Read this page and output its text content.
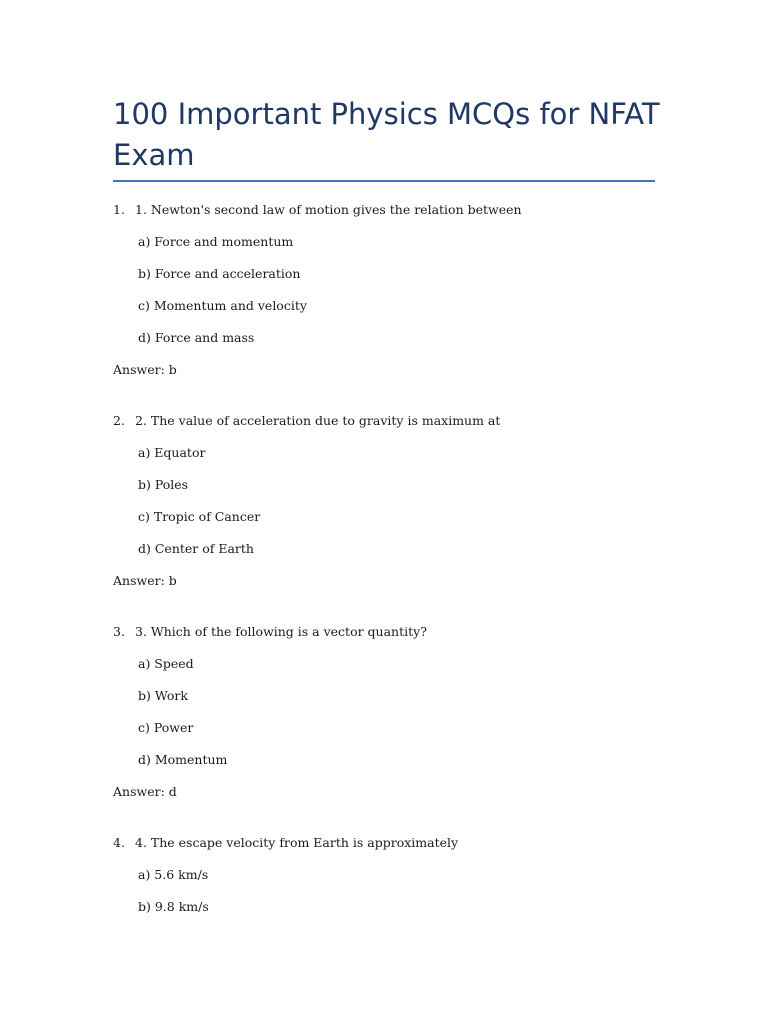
100 Important Physics MCQs for NFAT Exam
1. 1. Newton's second law of motion gives the relation between
a) Force and momentum
b) Force and acceleration
c) Momentum and velocity
d) Force and mass
Answer: b
2. 2. The value of acceleration due to gravity is maximum at
a) Equator
b) Poles
c) Tropic of Cancer
d) Center of Earth
Answer: b
3. 3. Which of the following is a vector quantity?
a) Speed
b) Work
c) Power
d) Momentum
Answer: d
4. 4. The escape velocity from Earth is approximately
a) 5.6 km/s
b) 9.8 km/s
